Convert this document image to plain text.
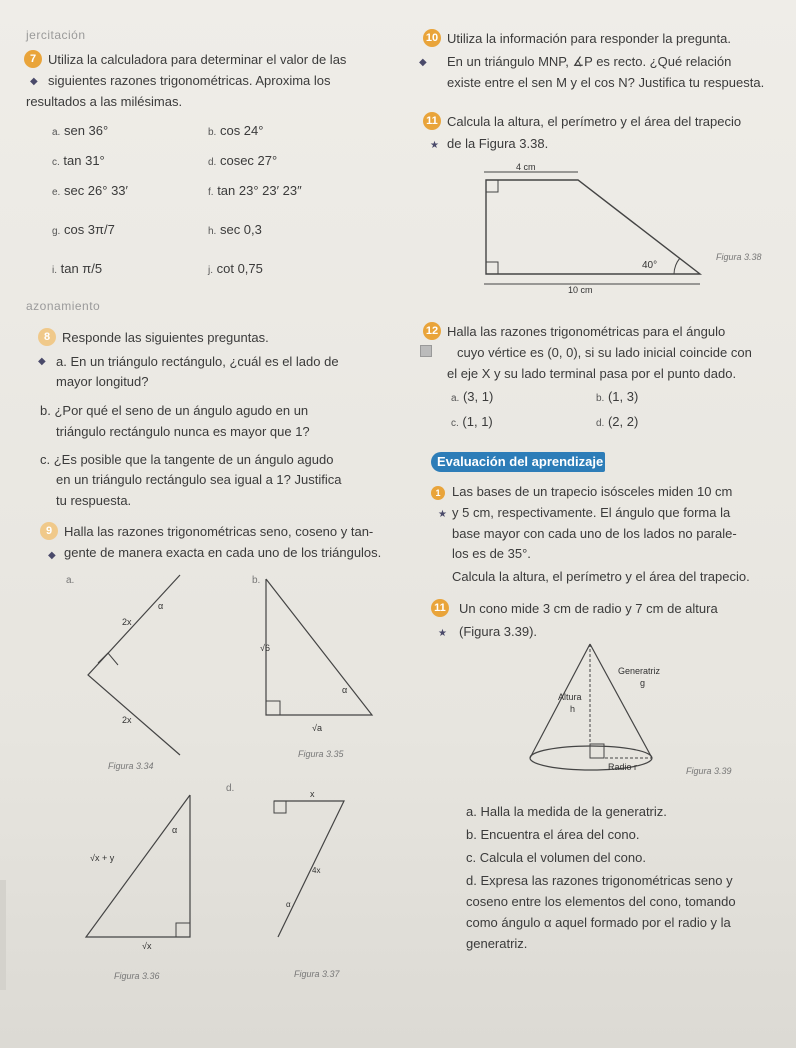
jercitación
7 Utiliza la calculadora para determinar el valor de las
◆ siguientes razones trigonométricas. Aproxima los
resultados a las milésimas.
a. sen 36°	b. cos 24°
c. tan 31°	d. cosec 27°
e. sec 26° 33′	f. tan 23° 23′ 23″
g. cos 3π/7	h. sec 0,3
i. tan π/5	j. cot 0,75
azonamiento
8 Responde las siguientes preguntas.
◆ a. En un triángulo rectángulo, ¿cuál es el lado de
mayor longitud?
b. ¿Por qué el seno de un ángulo agudo en un
triángulo rectángulo nunca es mayor que 1?
c. ¿Es posible que la tangente de un ángulo agudo
en un triángulo rectángulo sea igual a 1? Justifica
tu respuesta.
9 Halla las razones trigonométricas seno, coseno y tan-
◆ gente de manera exacta en cada uno de los triángulos.
a.
2x
α
2x
Figura 3.34
b.
√6
α
√a
Figura 3.35
α
√x + y
√x
Figura 3.36
d.	x
4x
α
Figura 3.37
10 Utiliza la información para responder la pregunta.
◆ En un triángulo MNP, ∡P es recto. ¿Qué relación
existe entre el sen M y el cos N? Justifica tu respuesta.
11 Calcula la altura, el perímetro y el área del trapecio
★ de la Figura 3.38.
4 cm
40°
10 cm
Figura 3.38
12 Halla las razones trigonométricas para el ángulo
cuyo vértice es (0, 0), si su lado inicial coincide con
el eje X y su lado terminal pasa por el punto dado.
a. (3, 1)	b. (1, 3)
c. (1, 1)	d. (2, 2)
Evaluación del aprendizaje
1 Las bases de un trapecio isósceles miden 10 cm
★ y 5 cm, respectivamente. El ángulo que forma la
base mayor con cada uno de los lados no parale-
los es de 35°.
Calcula la altura, el perímetro y el área del trapecio.
11	Un cono mide 3 cm de radio y 7 cm de altura
★ (Figura 3.39).
Generatriz
g
Altura
h
Radio r	Figura 3.39
a. Halla la medida de la generatriz.
b. Encuentra el área del cono.
c. Calcula el volumen del cono.
d. Expresa las razones trigonométricas seno y
coseno entre los elementos del cono, tomando
como ángulo α aquel formado por el radio y la
generatriz.
